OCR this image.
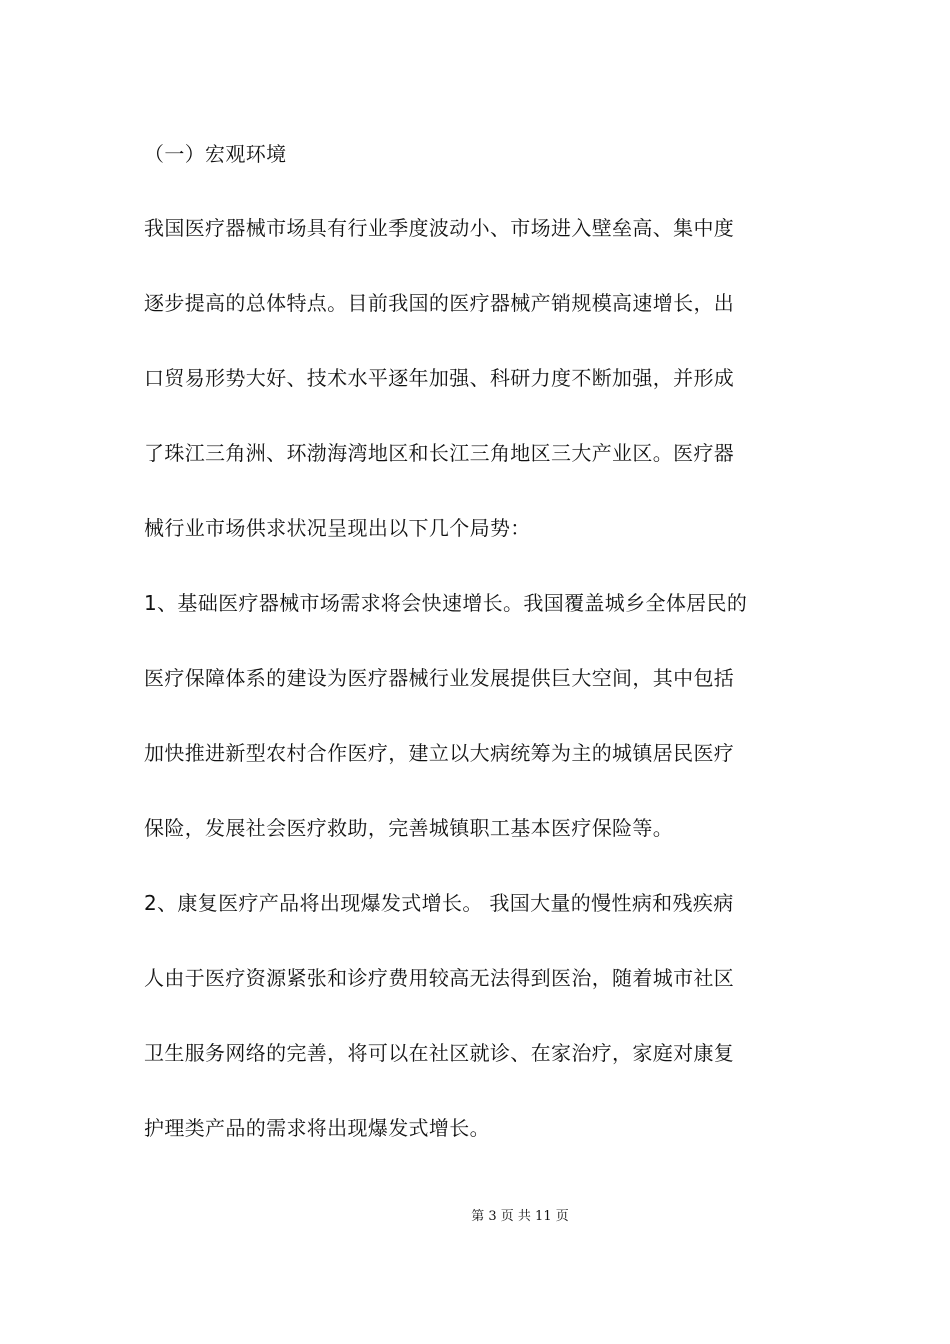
（一）宏观环境
我国医疗器械市场具有行业季度波动小、市场进入壁垒高、集中度
逐步提高的总体特点。目前我国的医疗器械产销规模高速增长，出
口贸易形势大好、技术水平逐年加强、科研力度不断加强，并形成
了珠江三角洲、环渤海湾地区和长江三角地区三大产业区。医疗器
械行业市场供求状况呈现出以下几个局势：
1、基础医疗器械市场需求将会快速增长。我国覆盖城乡全体居民的
医疗保障体系的建设为医疗器械行业发展提供巨大空间，其中包括
加快推进新型农村合作医疗，建立以大病统筹为主的城镇居民医疗
保险，发展社会医疗救助，完善城镇职工基本医疗保险等。
2、康复医疗产品将出现爆发式增长。 我国大量的慢性病和残疾病
人由于医疗资源紧张和诊疗费用较高无法得到医治，随着城市社区
卫生服务网络的完善，将可以在社区就诊、在家治疗，家庭对康复
护理类产品的需求将出现爆发式增长。
第 3 页 共 11 页
